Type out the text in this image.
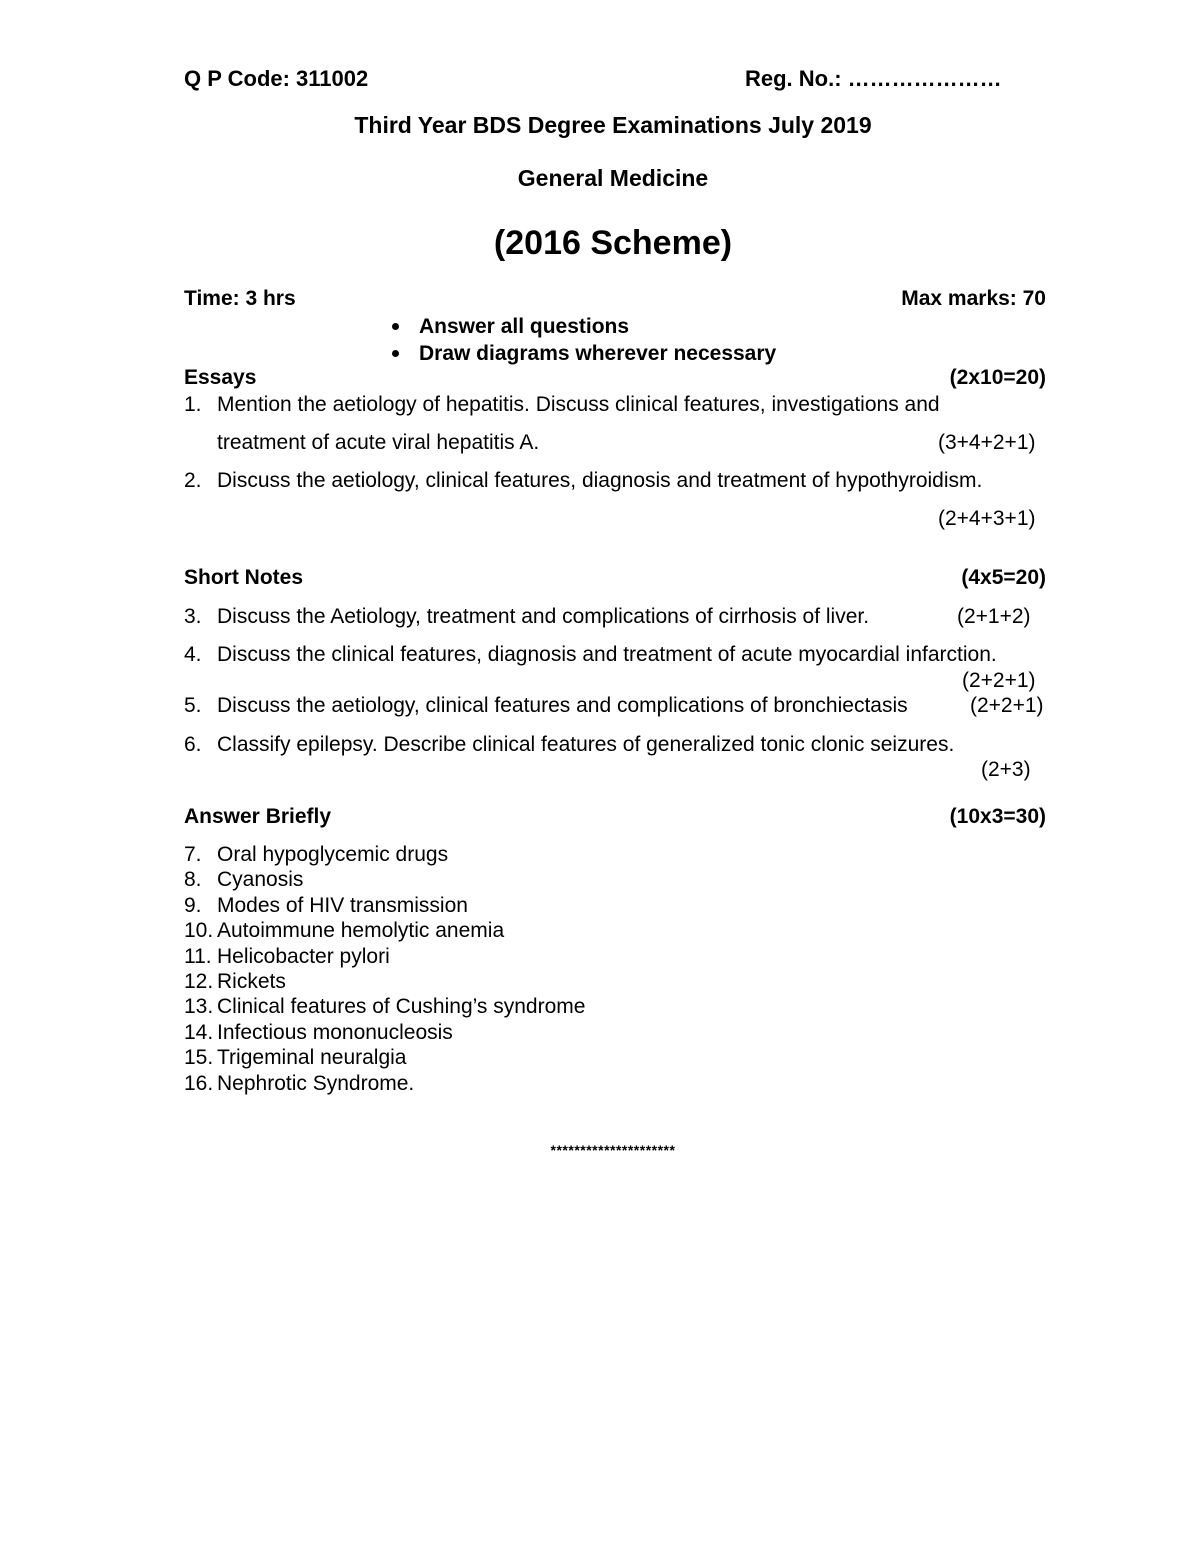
Q P Code: 311002	Reg. No.: …………………
Third Year BDS Degree Examinations July 2019
General Medicine
(2016 Scheme)
Time: 3 hrs	Max marks: 70
Answer all questions
Draw diagrams wherever necessary
Essays	(2x10=20)
1. Mention the aetiology of hepatitis. Discuss clinical features, investigations and
treatment of acute viral hepatitis A.	(3+4+2+1)
2. Discuss the aetiology, clinical features, diagnosis and treatment of hypothyroidism.
(2+4+3+1)
Short Notes	(4x5=20)
3. Discuss the Aetiology, treatment and complications of cirrhosis of liver.	(2+1+2)
4. Discuss the clinical features, diagnosis and treatment of acute myocardial infarction.
(2+2+1)
5. Discuss the aetiology, clinical features and complications of bronchiectasis	(2+2+1)
6. Classify epilepsy. Describe clinical features of generalized tonic clonic seizures.
(2+3)
Answer Briefly	(10x3=30)
7. Oral hypoglycemic drugs
8. Cyanosis
9. Modes of HIV transmission
10. Autoimmune hemolytic anemia
11. Helicobacter pylori
12. Rickets
13. Clinical features of Cushing’s syndrome
14. Infectious mononucleosis
15. Trigeminal neuralgia
16. Nephrotic Syndrome.
*********************
